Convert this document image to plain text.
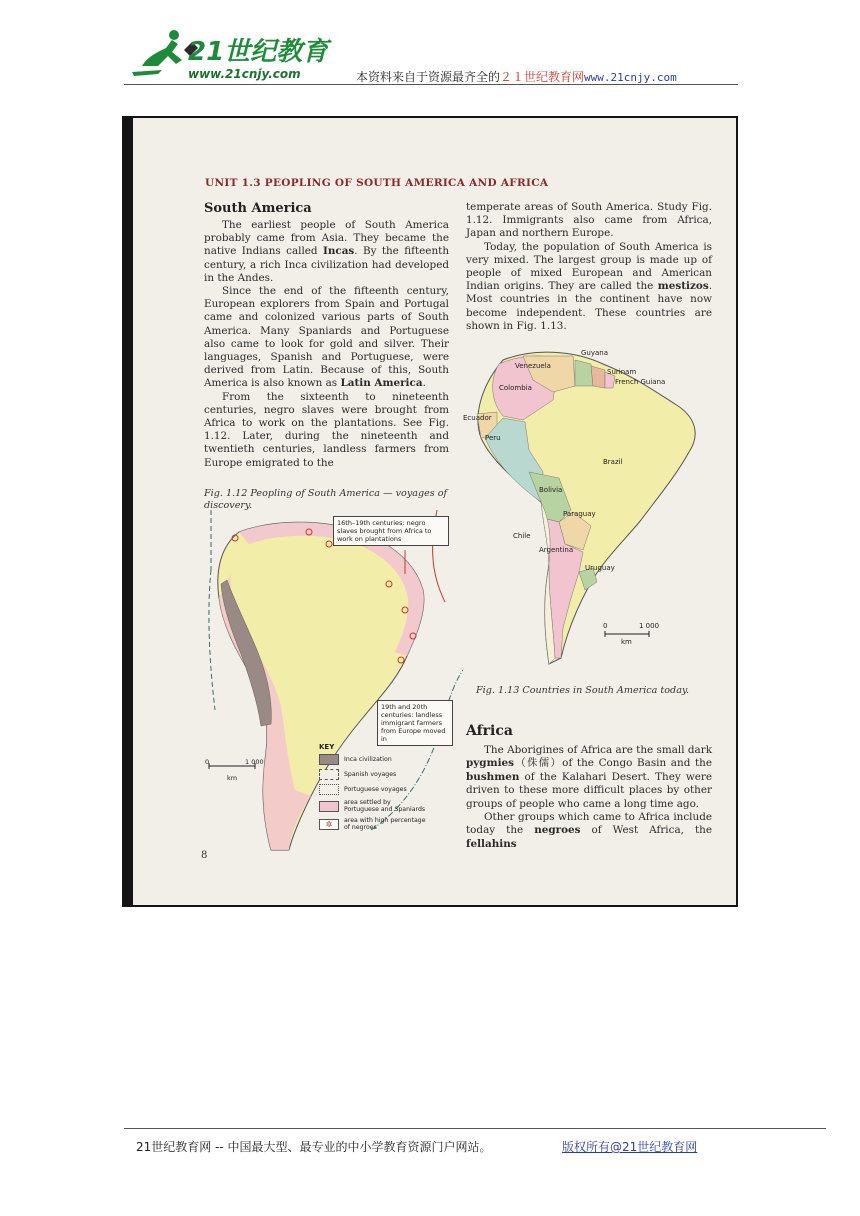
21世纪教育
www.21cnjy.com	本资料来自于资源最齐全的２１世纪教育网www.21cnjy.com
UNIT 1.3 PEOPLING OF SOUTH AMERICA AND AFRICA
South America

The earliest people of South America probably came from Asia. They became the native Indians called Incas. By the fifteenth century, a rich Inca civilization had developed in the Andes.

Since the end of the fifteenth century, European explorers from Spain and Portugal came and colonized various parts of South America. Many Spaniards and Portuguese also came to look for gold and silver. Their languages, Spanish and Portuguese, were derived from Latin. Because of this, South America is also known as Latin America.

From the sixteenth to nineteenth centuries, negro slaves were brought from Africa to work on the plantations. See Fig. 1.12. Later, during the nineteenth and twentieth centuries, landless farmers from Europe emigrated to the

temperate areas of South America. Study Fig. 1.12. Immigrants also came from Africa, Japan and northern Europe.

Today, the population of South America is very mixed. The largest group is made up of people of mixed European and American Indian origins. They are called the mestizos. Most countries in the continent have now become independent. These countries are shown in Fig. 1.13.

Venezuela
Guyana
Surinam
French Guiana
Colombia
Ecuador
Peru
Brazil
Bolivia
Paraguay
Chile
Argentina
Uruguay
0	1 000
km
Fig. 1.13 Countries in South America today.
Fig. 1.12 Peopling of South America — voyages of discovery.
0	1 000
km
16th–19th centuries: negro slaves brought from Africa to work on plantations
19th and 20th centuries: landless immigrant farmers from Europe moved in
KEY
Inca civilization
Spanish voyages
Portuguese voyages
area settled by Portuguese and Spaniards
✲	area with high percentage of negroes
Africa

The Aborigines of Africa are the small dark pygmies（侏儒）of the Congo Basin and the bushmen of the Kalahari Desert. They were driven to these more difficult places by other groups of people who came a long time ago.

Other groups which came to Africa include today the negroes of West Africa, the fellahins

8
21世纪教育网 -- 中国最大型、最专业的中小学教育资源门户网站。	版权所有@21世纪教育网
